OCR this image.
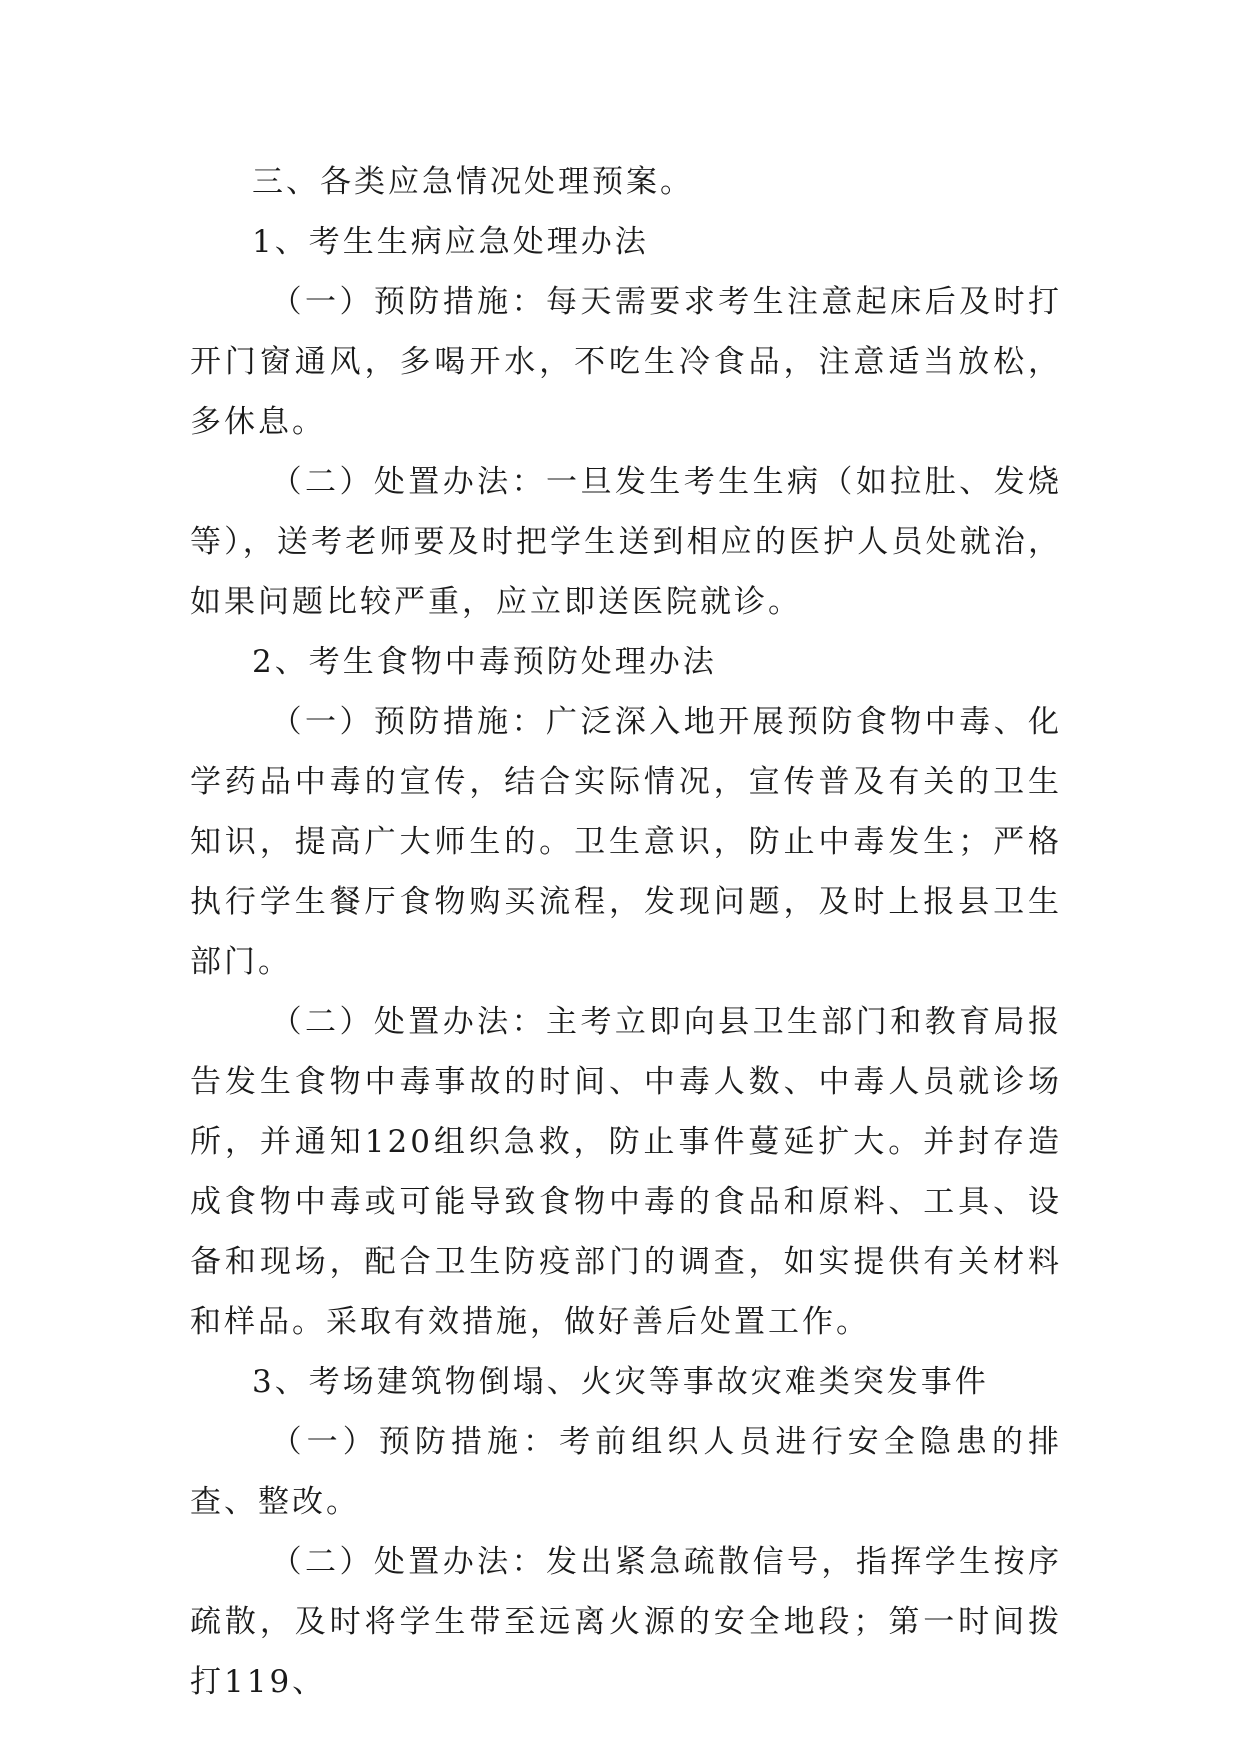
三、各类应急情况处理预案。

1、考生生病应急处理办法

（一）预防措施：每天需要求考生注意起床后及时打开门窗通风，多喝开水，不吃生冷食品，注意适当放松，多休息。

（二）处置办法：一旦发生考生生病（如拉肚、发烧等），送考老师要及时把学生送到相应的医护人员处就治，如果问题比较严重，应立即送医院就诊。

2、考生食物中毒预防处理办法

（一）预防措施：广泛深入地开展预防食物中毒、化学药品中毒的宣传，结合实际情况，宣传普及有关的卫生知识，提高广大师生的。卫生意识，防止中毒发生；严格执行学生餐厅食物购买流程，发现问题，及时上报县卫生部门。

（二）处置办法：主考立即向县卫生部门和教育局报告发生食物中毒事故的时间、中毒人数、中毒人员就诊场所，并通知120组织急救，防止事件蔓延扩大。并封存造成食物中毒或可能导致食物中毒的食品和原料、工具、设备和现场，配合卫生防疫部门的调查，如实提供有关材料和样品。采取有效措施，做好善后处置工作。

3、考场建筑物倒塌、火灾等事故灾难类突发事件

（一）预防措施：考前组织人员进行安全隐患的排查、整改。

（二）处置办法：发出紧急疏散信号，指挥学生按序疏散，及时将学生带至远离火源的安全地段；第一时间拨打119、
